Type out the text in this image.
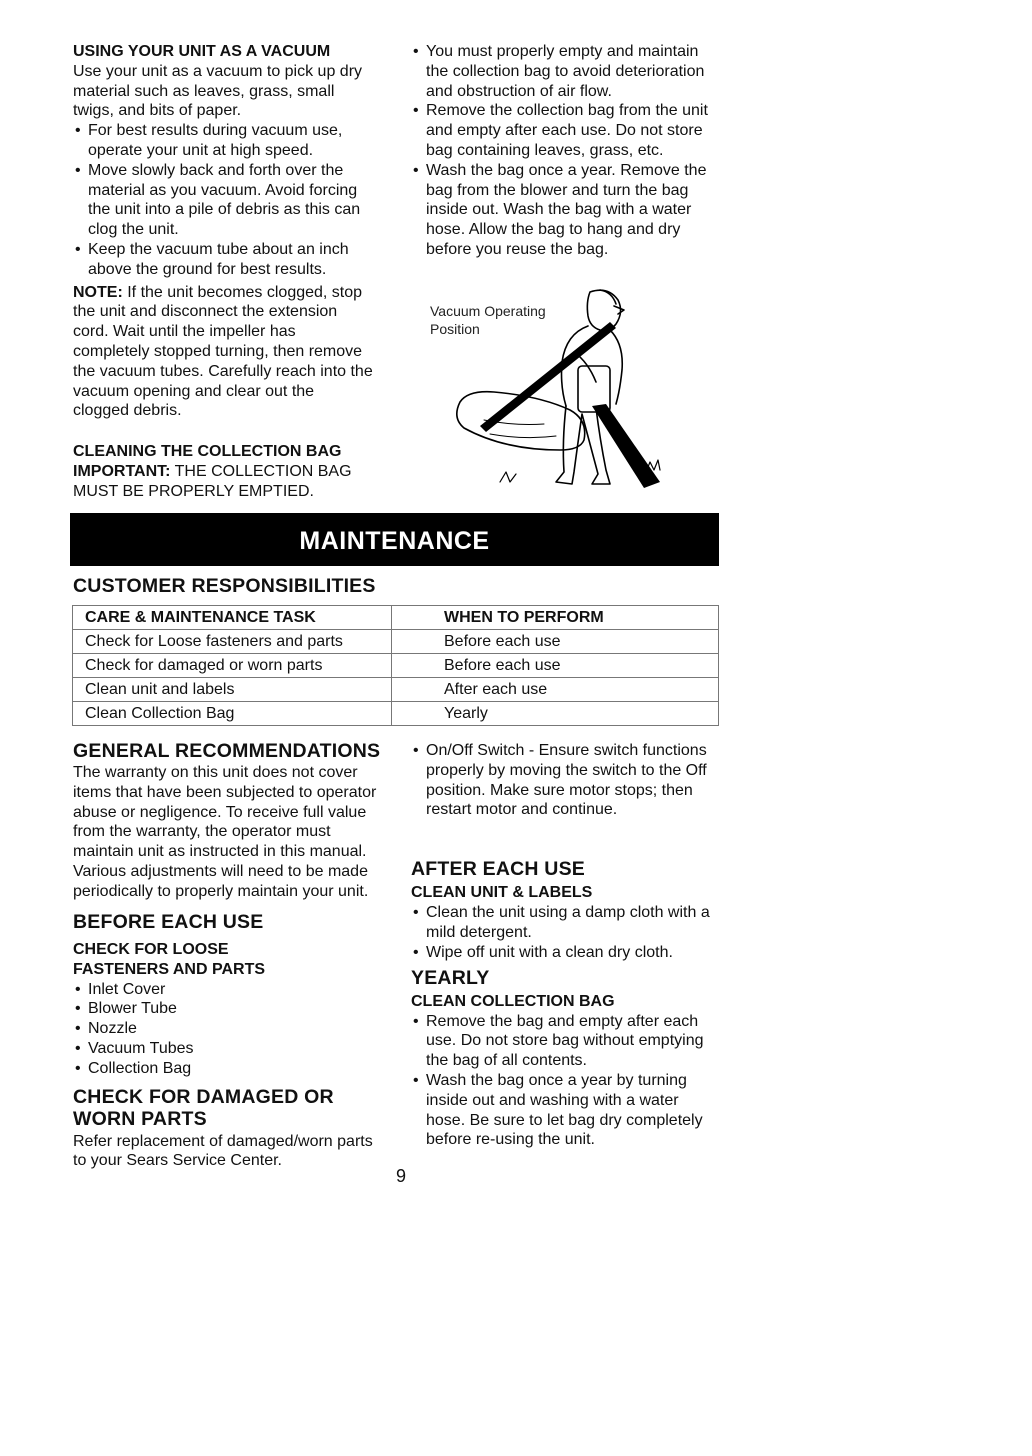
USING YOUR UNIT AS A VACUUM

Use your unit as a vacuum to pick up dry material such as leaves, grass, small twigs, and bits of paper.

• For best results during vacuum use, operate your unit at high speed.
• Move slowly back and forth over the material as you vacuum. Avoid forcing the unit into a pile of debris as this can clog the unit.
• Keep the vacuum tube about an inch above the ground for best results.

NOTE: If the unit becomes clogged, stop the unit and disconnect the extension cord. Wait until the impeller has completely stopped turning, then remove the vacuum tubes. Carefully reach into the vacuum opening and clear out the clogged debris.

CLEANING THE COLLECTION BAG

IMPORTANT: THE COLLECTION BAG MUST BE PROPERLY EMPTIED.

• You must properly empty and maintain the collection bag to avoid deterioration and obstruction of air flow.
• Remove the collection bag from the unit and empty after each use. Do not store bag containing leaves, grass, etc.
• Wash the bag once a year. Remove the bag from the blower and turn the bag inside out. Wash the bag with a water hose. Allow the bag to hang and dry before you reuse the bag.
Vacuum Operating
Position
MAINTENANCE
CUSTOMER RESPONSIBILITIES
CARE & MAINTENANCE TASK	WHEN TO PERFORM
Check for Loose fasteners and parts	Before each use
Check for damaged or worn parts	Before each use
Clean unit and labels	After each use
Clean Collection Bag	Yearly
GENERAL RECOMMENDATIONS

The warranty on this unit does not cover items that have been subjected to operator abuse or negligence. To receive full value from the warranty, the operator must maintain unit as instructed in this manual. Various adjustments will need to be made periodically to properly maintain your unit.

BEFORE EACH USE
CHECK FOR LOOSE FASTENERS AND PARTS
• Inlet Cover
• Blower Tube
• Nozzle
• Vacuum Tubes
• Collection Bag
CHECK FOR DAMAGED OR WORN PARTS

Refer replacement of damaged/worn parts to your Sears Service Center.

• On/Off Switch - Ensure switch functions properly by moving the switch to the Off position. Make sure motor stops; then restart motor and continue.
AFTER EACH USE
CLEAN UNIT & LABELS
• Clean the unit using a damp cloth with a mild detergent.
• Wipe off unit with a clean dry cloth.
YEARLY
CLEAN COLLECTION BAG
• Remove the bag and empty after each use. Do not store bag without emptying the bag of all contents.
• Wash the bag once a year by turning inside out and washing with a water hose. Be sure to let bag dry completely before re-using the unit.
9
